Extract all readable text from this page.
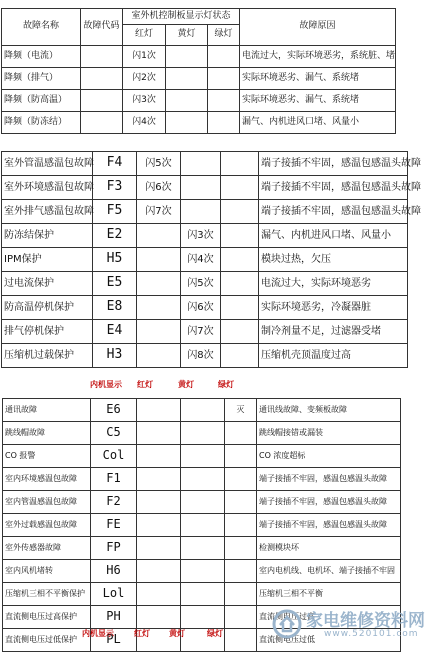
故障名称	故障代码	室外机控制板显示灯状态			故障原因
		红灯	黄灯	绿灯	
降频（电流）		闪1次			电流过大，实际环境恶劣，系统脏、堵
降频（排气）		闪2次			实际环境恶劣、漏气、系统堵
降频（防高温）		闪3次			实际环境恶劣、漏气、系统堵
降频（防冻结）		闪4次			漏气、内机进风口堵、风量小
室外管温感温包故障	F4	闪5次			端子接插不牢固，感温包感温头故障
室外环境感温包故障	F3	闪6次			端子接插不牢固，感温包感温头故障
室外排气感温包故障	F5	闪7次			端子接插不牢固，感温包感温头故障
防冻结保护	E2		闪3次		漏气、内机进风口堵、风量小
IPM保护	H5		闪4次		模块过热，欠压
过电流保护	E5		闪5次		电流过大，实际环境恶劣
防高温停机保护	E8		闪6次		实际环境恶劣，冷凝器脏
排气停机保护	E4		闪7次		制冷剂量不足，过滤器受堵
压缩机过载保护	H3		闪8次		压缩机壳顶温度过高
内机显示 红灯	黄灯	绿灯
通讯故障	E6			灭	通讯线故障、变频板故障
跳线帽故障	C5				跳线帽接错或漏装
CO 报警	Col				CO 浓度超标
室内环境感温包故障	F1				端子接插不牢固，感温包感温头故障
室内管温感温包故障	F2				端子接插不牢固，感温包感温头故障
室外过载感温包故障	FE				端子接插不牢固，感温包感温头故障
室外传感器故障	FP				检测模块坏
室内风机堵转	H6				室内电机线、电机坏、端子接插不牢固
压缩机三相不平衡保护	Lol				压缩机三相不平衡
直流侧电压过高保护	PH				直流侧电压过高
直流侧电压过低保护	PL				直流侧电压过低
内机显示	红灯 黄灯	绿灯
家电维修资料网
www.520101.com
